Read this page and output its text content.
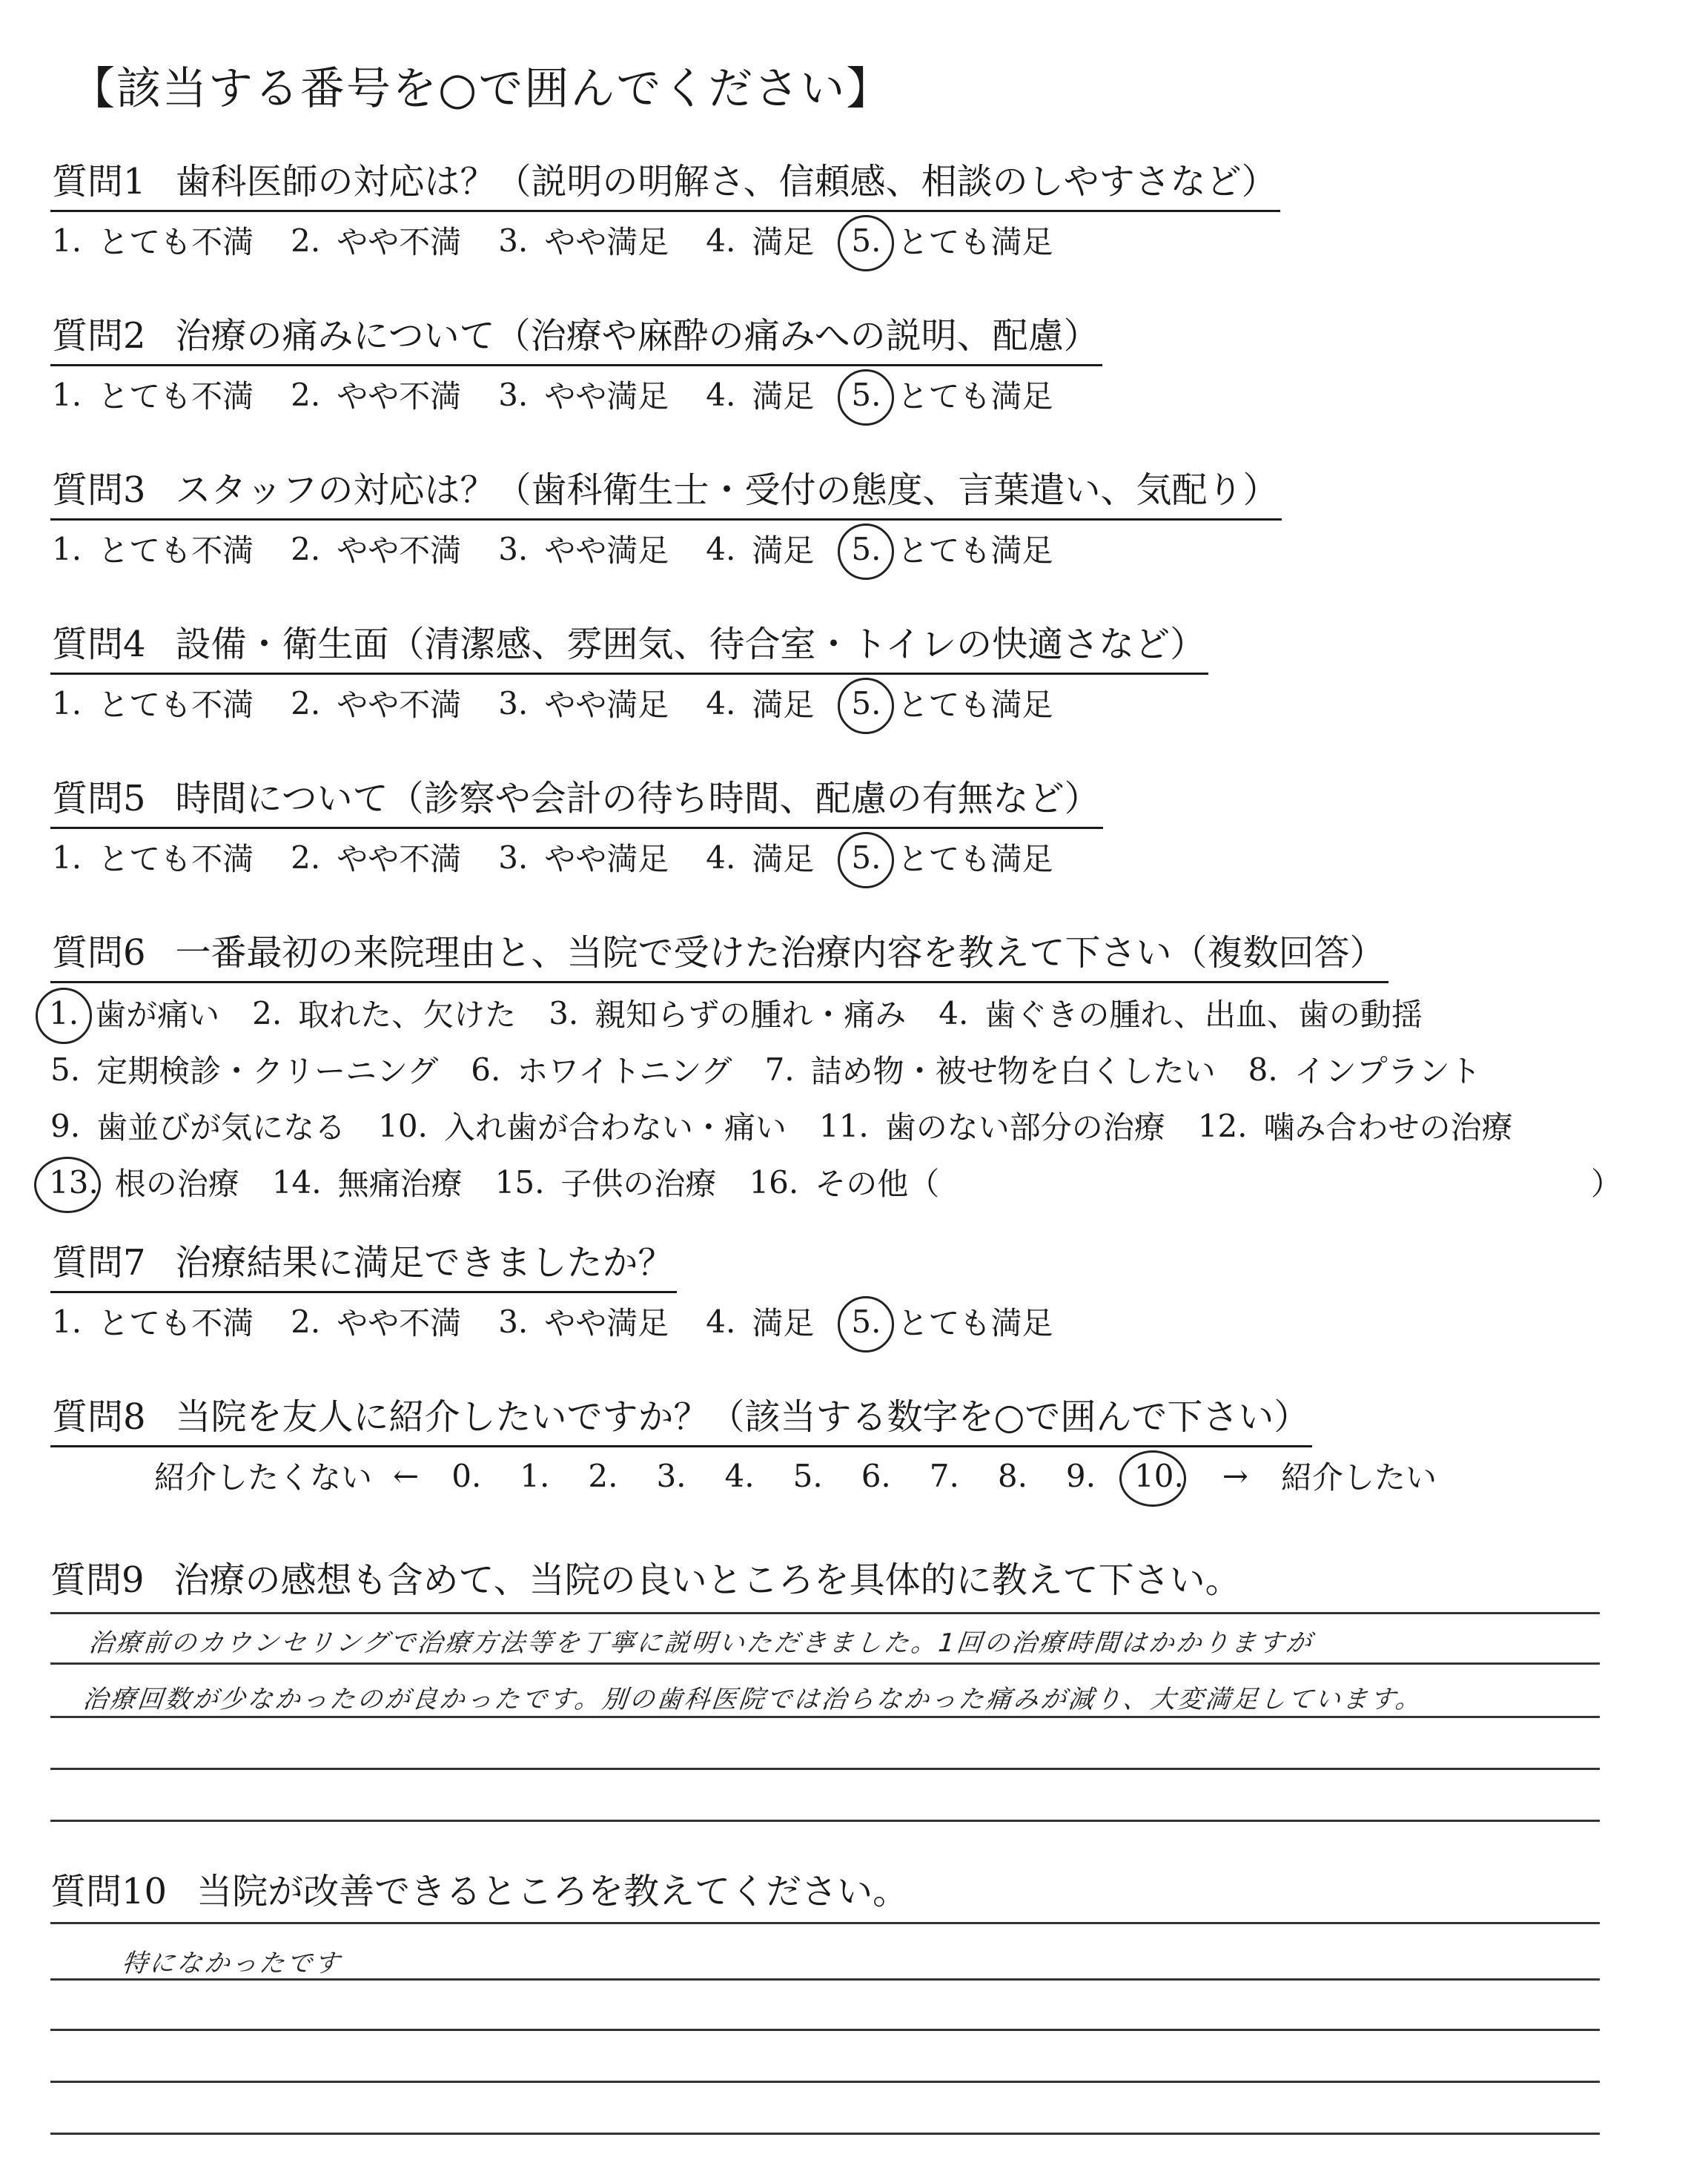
【該当する番号を○で囲んでください】
質問1 歯科医師の対応は？（説明の明解さ、信頼感、相談のしやすさなど）
1. とても不満 2. やや不満 3. やや満足 4. 満足 5. とても満足
質問2 治療の痛みについて（治療や麻酔の痛みへの説明、配慮）
1. とても不満 2. やや不満 3. やや満足 4. 満足 5. とても満足
質問3 スタッフの対応は？（歯科衛生士・受付の態度、言葉遣い、気配り）
1. とても不満 2. やや不満 3. やや満足 4. 満足 5. とても満足
質問4 設備・衛生面（清潔感、雰囲気、待合室・トイレの快適さなど）
1. とても不満 2. やや不満 3. やや満足 4. 満足 5. とても満足
質問5 時間について（診察や会計の待ち時間、配慮の有無など）
1. とても不満 2. やや不満 3. やや満足 4. 満足 5. とても満足
質問6 一番最初の来院理由と、当院で受けた治療内容を教えて下さい（複数回答）
1. 歯が痛い 2. 取れた、欠けた 3. 親知らずの腫れ・痛み 4. 歯ぐきの腫れ、出血、歯の動揺
5. 定期検診・クリーニング 6. ホワイトニング 7. 詰め物・被せ物を白くしたい 8. インプラント
9. 歯並びが気になる 10. 入れ歯が合わない・痛い 11. 歯のない部分の治療 12. 噛み合わせの治療
13. 根の治療 14. 無痛治療 15. 子供の治療 16. その他（	）
質問7 治療結果に満足できましたか？
1. とても不満 2. やや不満 3. やや満足 4. 満足 5. とても満足
質問8 当院を友人に紹介したいですか？（該当する数字を○で囲んで下さい）
紹介したくない ← 0. 1. 2. 3. 4. 5. 6. 7. 8. 9. 10. → 紹介したい
質問9 治療の感想も含めて、当院の良いところを具体的に教えて下さい。
治療前のカウンセリングで治療方法等を丁寧に説明いただきました。1回の治療時間はかかりますが
治療回数が少なかったのが良かったです。別の歯科医院では治らなかった痛みが減り、大変満足しています。
質問10 当院が改善できるところを教えてください。
特になかったです
